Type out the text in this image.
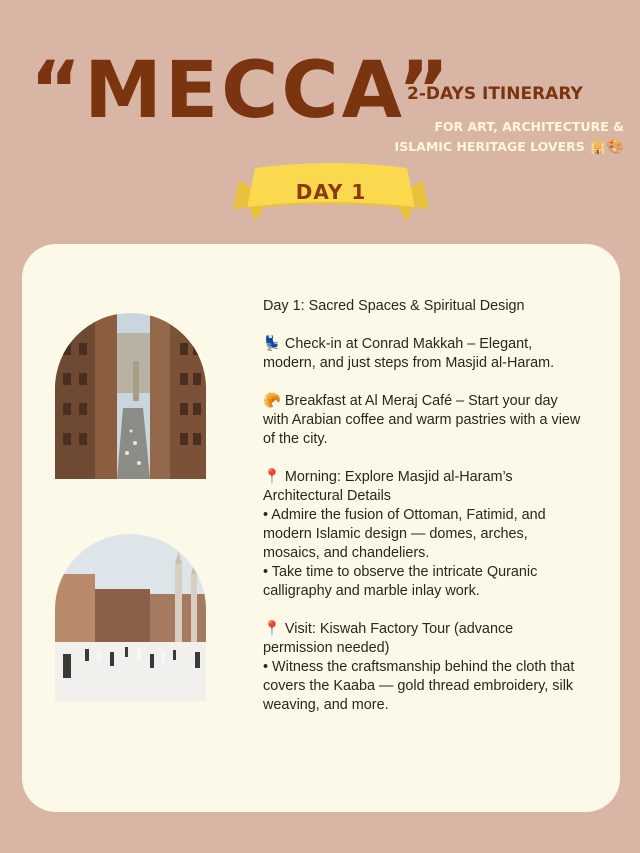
“MECCA”
2-DAYS ITINERARY
FOR ART, ARCHITECTURE &
ISLAMIC HERITAGE LOVERS 🕌🎨
DAY 1

Day 1: Sacred Spaces & Spiritual Design

💺 Check-in at Conrad Makkah – Elegant, modern, and just steps from Masjid al-Haram.

🥐 Breakfast at Al Meraj Café – Start your day with Arabian coffee and warm pastries with a view of the city.

📍 Morning: Explore Masjid al-Haram’s Architectural Details
• Admire the fusion of Ottoman, Fatimid, and modern Islamic design — domes, arches, mosaics, and chandeliers.
• Take time to observe the intricate Quranic calligraphy and marble inlay work.

📍 Visit: Kiswah Factory Tour (advance permission needed)
• Witness the craftsmanship behind the cloth that covers the Kaaba — gold thread embroidery, silk weaving, and more.
